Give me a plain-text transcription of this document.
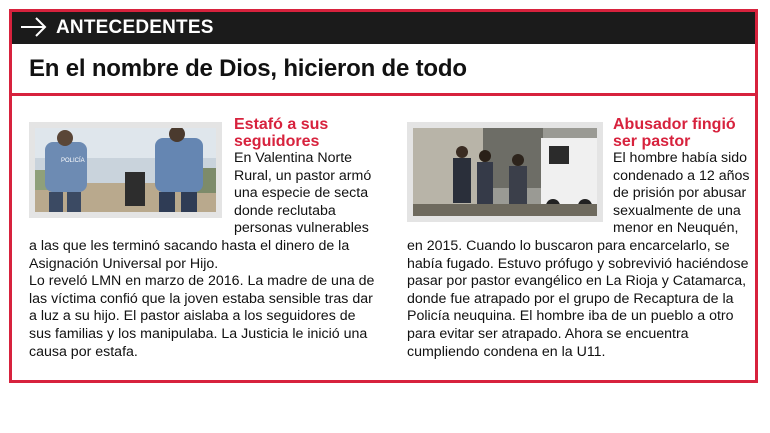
ANTECEDENTES
En el nombre de Dios, hicieron de todo
POLICÍA
Estafó a sus seguidores

En Valentina Norte Rural, un pastor armó una especie de secta donde reclutaba personas vulnerables a las que les terminó sacando hasta el dinero de la Asignación Universal por Hijo.

Lo reveló LMN en marzo de 2016. La madre de una de las víctima confió que la joven estaba sensible tras dar a luz a su hijo. El pastor aislaba a los seguidores de sus familias y los manipulaba. La Justicia le inició una causa por estafa.

Abusador fingió ser pastor

El hombre había sido condenado a 12 años de prisión por abusar sexualmente de una menor en Neuquén, en 2015. Cuando lo buscaron para encarcelarlo, se había fugado. Estuvo prófugo y sobrevivió haciéndose pasar por pastor evangélico en La Rioja y Catamarca, donde fue atrapado por el grupo de Recaptura de la Policía neuquina. El hombre iba de un pueblo a otro para evitar ser atrapado. Ahora se encuentra cumpliendo condena en la U11.
